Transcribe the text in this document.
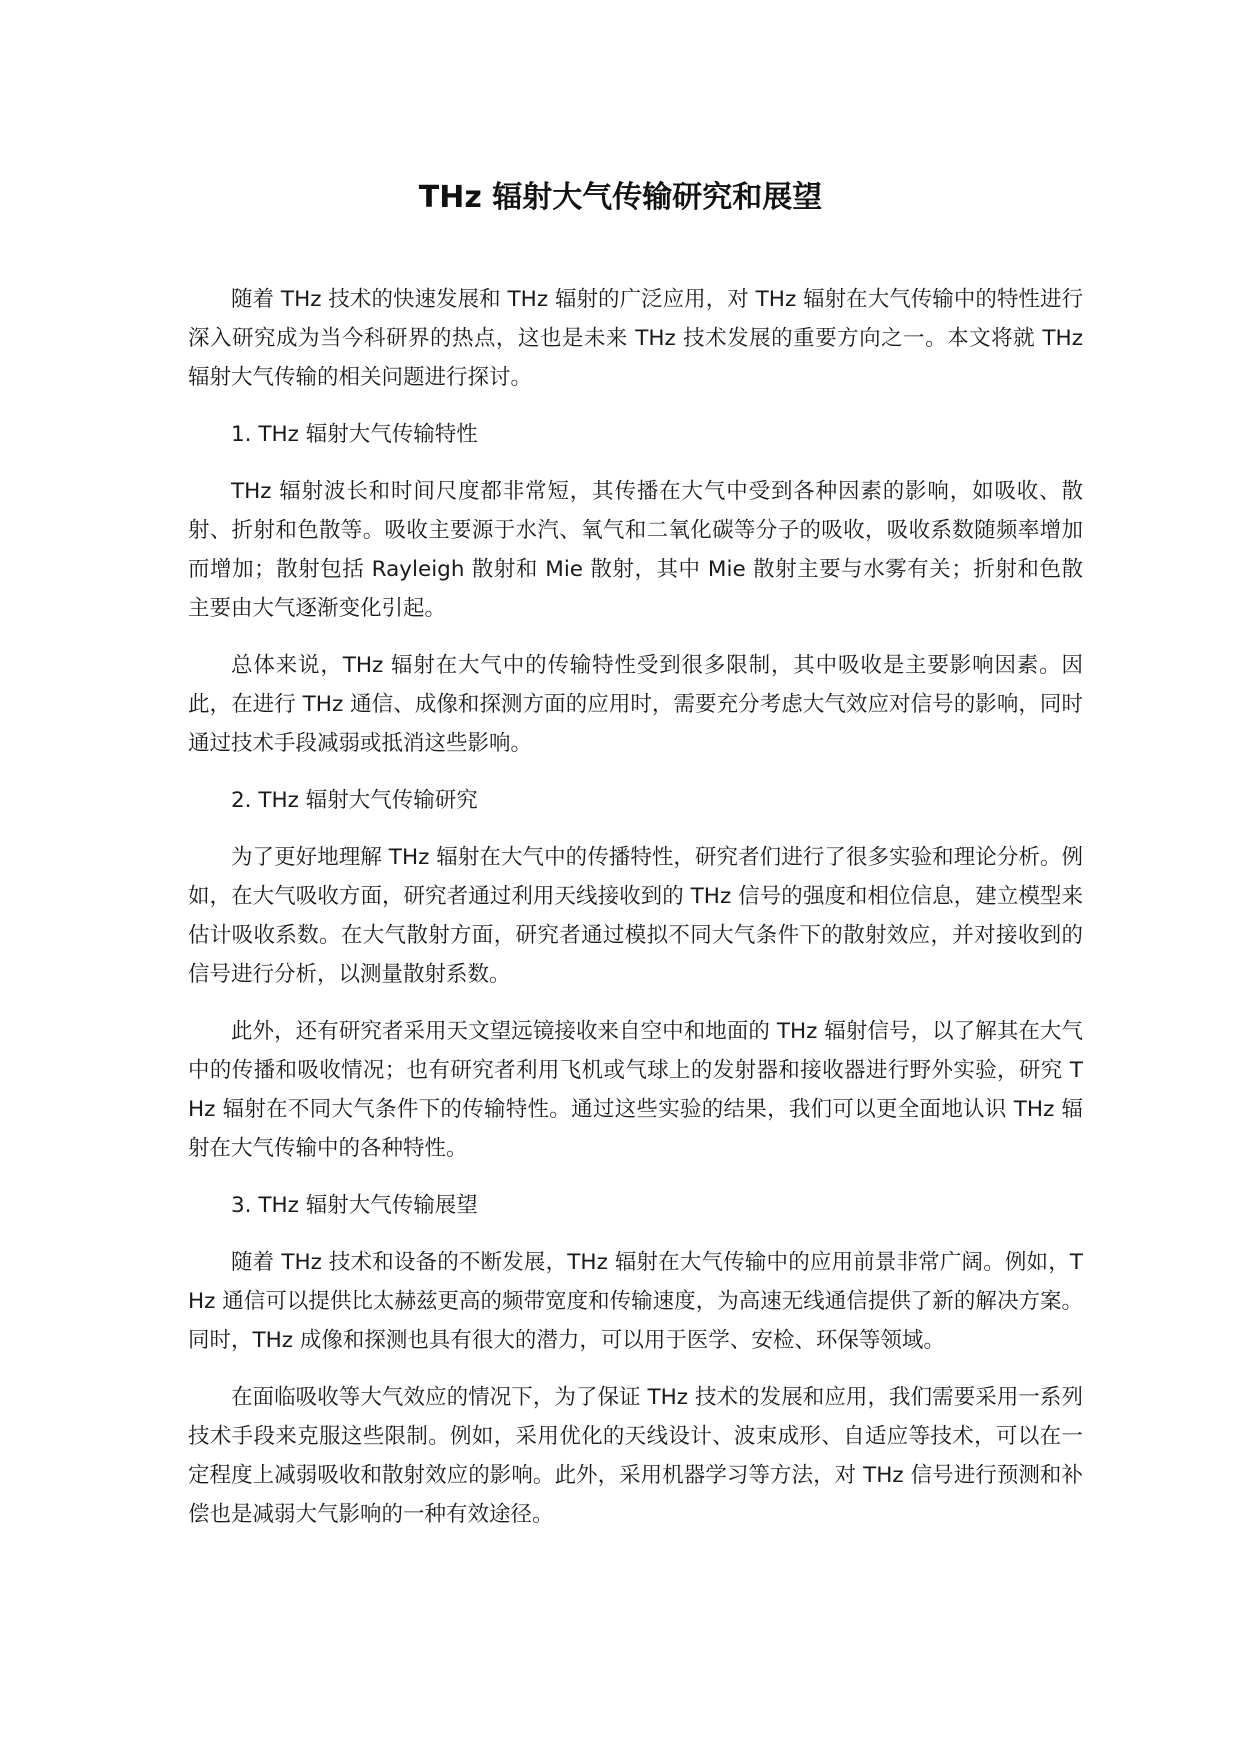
THz 辐射大气传输研究和展望

随着 THz 技术的快速发展和 THz 辐射的广泛应用，对 THz 辐射在大气传输中的特性进行深入研究成为当今科研界的热点，这也是未来 THz 技术发展的重要方向之一。本文将就 THz 辐射大气传输的相关问题进行探讨。

1. THz 辐射大气传输特性

THz 辐射波长和时间尺度都非常短，其传播在大气中受到各种因素的影响，如吸收、散射、折射和色散等。吸收主要源于水汽、氧气和二氧化碳等分子的吸收，吸收系数随频率增加而增加；散射包括 Rayleigh 散射和 Mie 散射，其中 Mie 散射主要与水雾有关；折射和色散主要由大气逐渐变化引起。

总体来说，THz 辐射在大气中的传输特性受到很多限制，其中吸收是主要影响因素。因此，在进行 THz 通信、成像和探测方面的应用时，需要充分考虑大气效应对信号的影响，同时通过技术手段减弱或抵消这些影响。

2. THz 辐射大气传输研究

为了更好地理解 THz 辐射在大气中的传播特性，研究者们进行了很多实验和理论分析。例如，在大气吸收方面，研究者通过利用天线接收到的 THz 信号的强度和相位信息，建立模型来估计吸收系数。在大气散射方面，研究者通过模拟不同大气条件下的散射效应，并对接收到的信号进行分析，以测量散射系数。

此外，还有研究者采用天文望远镜接收来自空中和地面的 THz 辐射信号，以了解其在大气中的传播和吸收情况；也有研究者利用飞机或气球上的发射器和接收器进行野外实验，研究 THz 辐射在不同大气条件下的传输特性。通过这些实验的结果，我们可以更全面地认识 THz 辐射在大气传输中的各种特性。

3. THz 辐射大气传输展望

随着 THz 技术和设备的不断发展，THz 辐射在大气传输中的应用前景非常广阔。例如，THz 通信可以提供比太赫兹更高的频带宽度和传输速度，为高速无线通信提供了新的解决方案。同时，THz 成像和探测也具有很大的潜力，可以用于医学、安检、环保等领域。

在面临吸收等大气效应的情况下，为了保证 THz 技术的发展和应用，我们需要采用一系列技术手段来克服这些限制。例如，采用优化的天线设计、波束成形、自适应等技术，可以在一定程度上减弱吸收和散射效应的影响。此外，采用机器学习等方法，对 THz 信号进行预测和补偿也是减弱大气影响的一种有效途径。
